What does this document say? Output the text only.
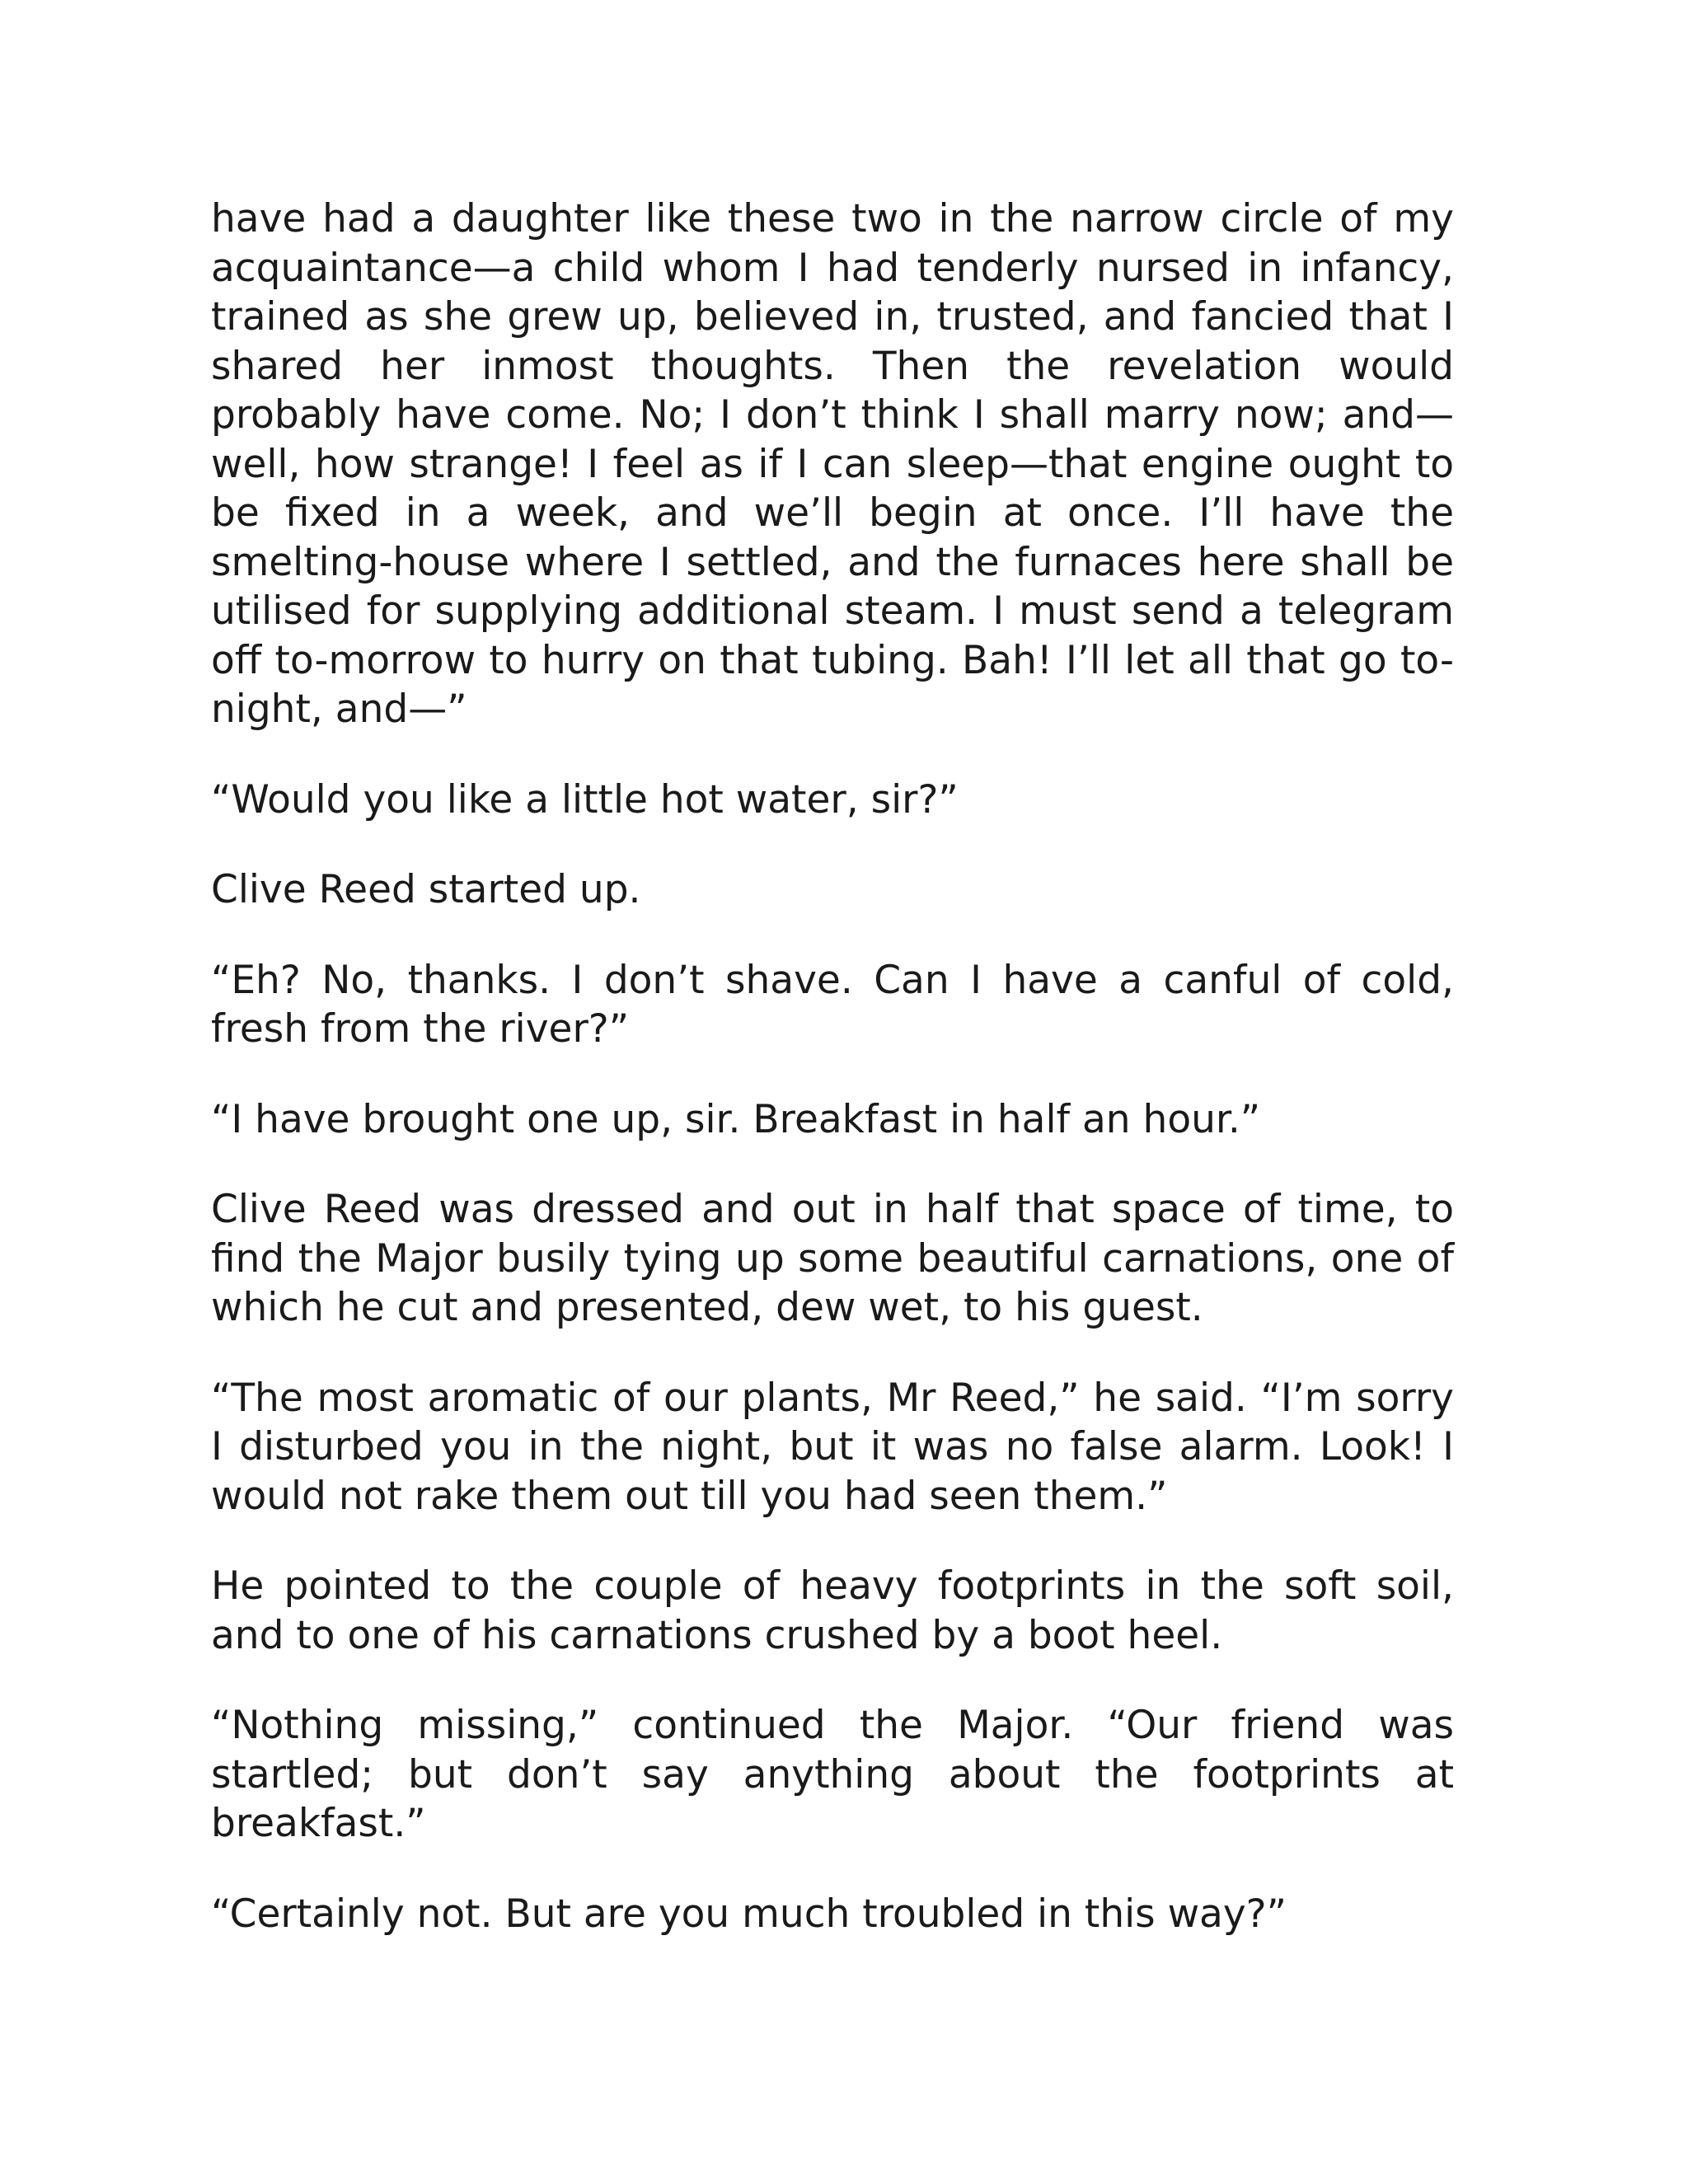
have had a daughter like these two in the narrow circle of my acquaintance—a child whom I had tenderly nursed in infancy, trained as she grew up, believed in, trusted, and fancied that I shared her inmost thoughts. Then the revelation would probably have come. No; I don’t think I shall marry now; and—well, how strange! I feel as if I can sleep—that engine ought to be fixed in a week, and we’ll begin at once. I’ll have the smelting-house where I settled, and the furnaces here shall be utilised for supplying additional steam. I must send a telegram off to-morrow to hurry on that tubing. Bah! I’ll let all that go to-night, and—”

“Would you like a little hot water, sir?”

Clive Reed started up.

“Eh? No, thanks. I don’t shave. Can I have a canful of cold, fresh from the river?”

“I have brought one up, sir. Breakfast in half an hour.”

Clive Reed was dressed and out in half that space of time, to find the Major busily tying up some beautiful carnations, one of which he cut and presented, dew wet, to his guest.

“The most aromatic of our plants, Mr Reed,” he said. “I’m sorry I disturbed you in the night, but it was no false alarm. Look! I would not rake them out till you had seen them.”

He pointed to the couple of heavy footprints in the soft soil, and to one of his carnations crushed by a boot heel.

“Nothing missing,” continued the Major. “Our friend was startled; but don’t say anything about the footprints at breakfast.”

“Certainly not. But are you much troubled in this way?”
